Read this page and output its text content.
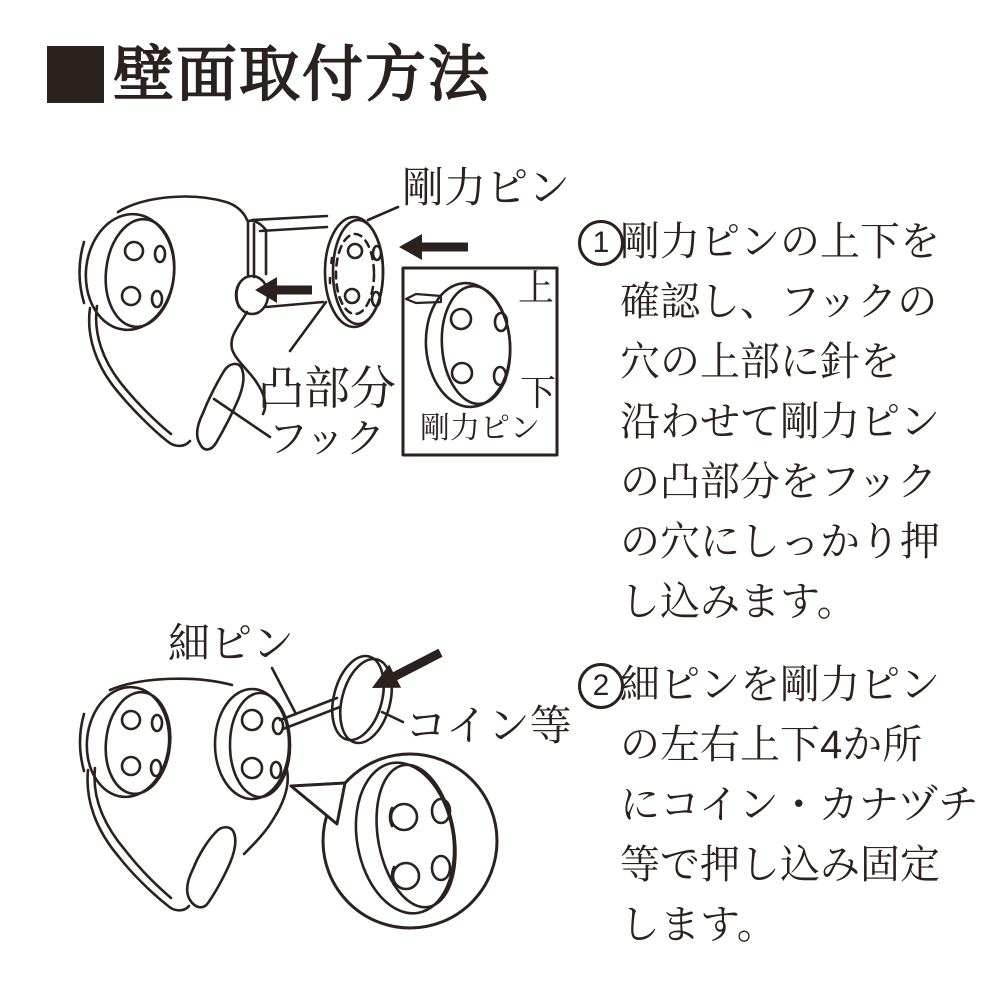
壁面取付方法
剛力ピン
凸部分
フック
上
下
剛力ピン
細ピン
コイン等
1 剛力ピンの上下を
確認し、フックの
穴の上部に針を
沿わせて剛力ピン
の凸部分をフック
の穴にしっかり押
し込みます。
2 細ピンを剛力ピン
の左右上下4か所
にコイン・カナヅチ
等で押し込み固定
します。
